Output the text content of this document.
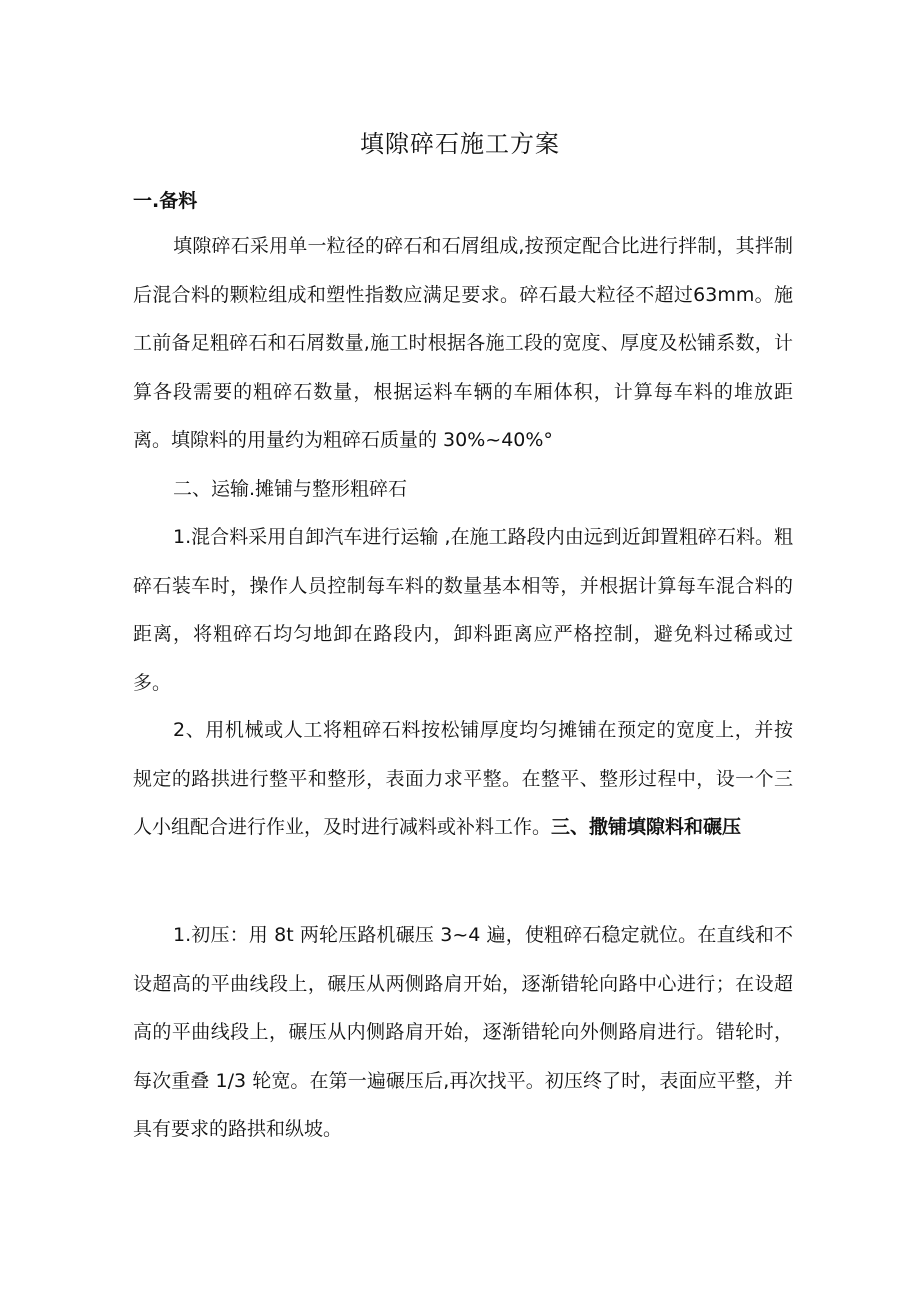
填隙碎石施工方案
一.备料

填隙碎石采用单一粒径的碎石和石屑组成,按预定配合比进行拌制，其拌制后混合料的颗粒组成和塑性指数应满足要求。碎石最大粒径不超过63mm。施工前备足粗碎石和石屑数量,施工时根据各施工段的宽度、厚度及松铺系数，计算各段需要的粗碎石数量，根据运料车辆的车厢体积，计算每车料的堆放距离。填隙料的用量约为粗碎石质量的 30%~40%°

二、运输.摊铺与整形粗碎石

1.混合料采用自卸汽车进行运输 ,在施工路段内由远到近卸置粗碎石料。粗碎石装车时，操作人员控制每车料的数量基本相等，并根据计算每车混合料的距离，将粗碎石均匀地卸在路段内，卸料距离应严格控制，避免料过稀或过多。

2、用机械或人工将粗碎石料按松铺厚度均匀摊铺在预定的宽度上，并按规定的路拱进行整平和整形，表面力求平整。在整平、整形过程中，设一个三人小组配合进行作业，及时进行减料或补料工作。三、撒铺填隙料和碾压

1.初压：用 8t 两轮压路机碾压 3~4 遍，使粗碎石稳定就位。在直线和不设超高的平曲线段上，碾压从两侧路肩开始，逐渐错轮向路中心进行；在设超高的平曲线段上，碾压从内侧路肩开始，逐渐错轮向外侧路肩进行。错轮时，每次重叠 1/3 轮宽。在第一遍碾压后,再次找平。初压终了时，表面应平整，并具有要求的路拱和纵坡。
